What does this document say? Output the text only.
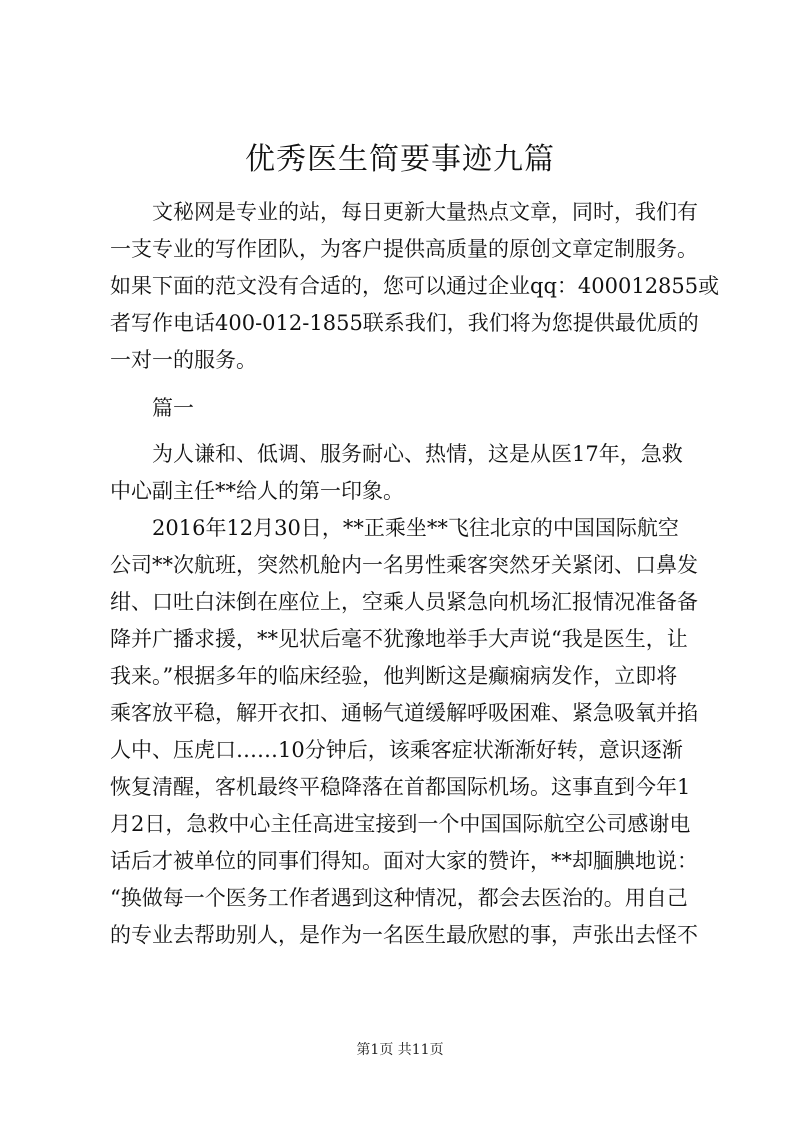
优秀医生简要事迹九篇
　　文秘网是专业的站，每日更新大量热点文章，同时，我们有
一支专业的写作团队，为客户提供高质量的原创文章定制服务。
如果下面的范文没有合适的，您可以通过企业qq：400012855或
者写作电话400-012-1855联系我们，我们将为您提供最优质的
一对一的服务。
　　篇一
　　为人谦和、低调、服务耐心、热情，这是从医17年，急救
中心副主任**给人的第一印象。
　　2016年12月30日，**正乘坐**飞往北京的中国国际航空
公司**次航班，突然机舱内一名男性乘客突然牙关紧闭、口鼻发
绀、口吐白沫倒在座位上，空乘人员紧急向机场汇报情况准备备
降并广播求援，**见状后毫不犹豫地举手大声说“我是医生，让
我来。”根据多年的临床经验，他判断这是癫痫病发作，立即将
乘客放平稳，解开衣扣、通畅气道缓解呼吸困难、紧急吸氧并掐
人中、压虎口……10分钟后，该乘客症状渐渐好转，意识逐渐
恢复清醒，客机最终平稳降落在首都国际机场。这事直到今年1
月2日，急救中心主任高进宝接到一个中国国际航空公司感谢电
话后才被单位的同事们得知。面对大家的赞许，**却腼腆地说：
“换做每一个医务工作者遇到这种情况，都会去医治的。用自己
的专业去帮助别人，是作为一名医生最欣慰的事，声张出去怪不
第1页 共11页
